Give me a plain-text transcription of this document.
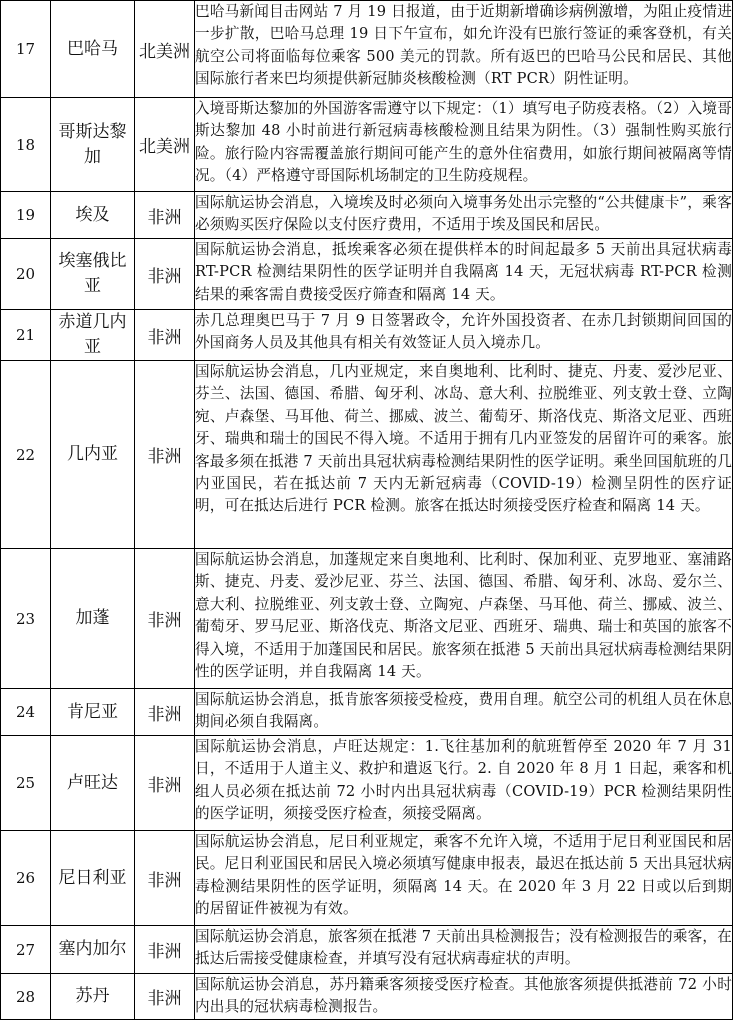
17	巴哈马	北美洲	巴哈马新闻目击网站 7 月 19 日报道，由于近期新增确诊病例激增，为阻止疫情进一步扩散，巴哈马总理 19 日下午宣布，如允许没有巴旅行签证的乘客登机，有关航空公司将面临每位乘客 500 美元的罚款。所有返巴的巴哈马公民和居民、其他国际旅行者来巴均须提供新冠肺炎核酸检测（RT PCR）阴性证明。
18	哥斯达黎加	北美洲	入境哥斯达黎加的外国游客需遵守以下规定：（1）填写电子防疫表格。（2）入境哥斯达黎加 48 小时前进行新冠病毒核酸检测且结果为阴性。（3）强制性购买旅行险。旅行险内容需覆盖旅行期间可能产生的意外住宿费用，如旅行期间被隔离等情况。（4）严格遵守哥国际机场制定的卫生防疫规程。
19	埃及	非洲	国际航运协会消息，入境埃及时必须向入境事务处出示完整的“公共健康卡”，乘客必须购买医疗保险以支付医疗费用，不适用于埃及国民和居民。
20	埃塞俄比亚	非洲	国际航运协会消息，抵埃乘客必须在提供样本的时间起最多 5 天前出具冠状病毒 RT-PCR 检测结果阴性的医学证明并自我隔离 14 天，无冠状病毒 RT-PCR 检测结果的乘客需自费接受医疗筛查和隔离 14 天。
21	赤道几内亚	非洲	赤几总理奥巴马于 7 月 9 日签署政令，允许外国投资者、在赤几封锁期间回国的外国商务人员及其他具有相关有效签证人员入境赤几。
22	几内亚	非洲	国际航运协会消息，几内亚规定，来自奥地利、比利时、捷克、丹麦、爱沙尼亚、芬兰、法国、德国、希腊、匈牙利、冰岛、意大利、拉脱维亚、列支敦士登、立陶宛、卢森堡、马耳他、荷兰、挪威、波兰、葡萄牙、斯洛伐克、斯洛文尼亚、西班牙、瑞典和瑞士的国民不得入境。不适用于拥有几内亚签发的居留许可的乘客。旅客最多须在抵港 7 天前出具冠状病毒检测结果阴性的医学证明。乘坐回国航班的几内亚国民，若在抵达前 7 天内无新冠病毒（COVID-19）检测呈阴性的医疗证明，可在抵达后进行 PCR 检测。旅客在抵达时须接受医疗检查和隔离 14 天。
23	加蓬	非洲	国际航运协会消息，加蓬规定来自奥地利、比利时、保加利亚、克罗地亚、塞浦路斯、捷克、丹麦、爱沙尼亚、芬兰、法国、德国、希腊、匈牙利、冰岛、爱尔兰、意大利、拉脱维亚、列支敦士登、立陶宛、卢森堡、马耳他、荷兰、挪威、波兰、葡萄牙、罗马尼亚、斯洛伐克、斯洛文尼亚、西班牙、瑞典、瑞士和英国的旅客不得入境，不适用于加蓬国民和居民。旅客须在抵港 5 天前出具冠状病毒检测结果阴性的医学证明，并自我隔离 14 天。
24	肯尼亚	非洲	国际航运协会消息，抵肯旅客须接受检疫，费用自理。航空公司的机组人员在休息期间必须自我隔离。
25	卢旺达	非洲	国际航运协会消息，卢旺达规定：1.飞往基加利的航班暂停至 2020 年 7 月 31 日，不适用于人道主义、救护和遣返飞行。2. 自 2020 年 8 月 1 日起，乘客和机组人员必须在抵达前 72 小时内出具冠状病毒（COVID-19）PCR 检测结果阴性的医学证明，须接受医疗检查，须接受隔离。
26	尼日利亚	非洲	国际航运协会消息，尼日利亚规定，乘客不允许入境，不适用于尼日利亚国民和居民。尼日利亚国民和居民入境必须填写健康申报表，最迟在抵达前 5 天出具冠状病毒检测结果阴性的医学证明，须隔离 14 天。在 2020 年 3 月 22 日或以后到期的居留证件被视为有效。
27	塞内加尔	非洲	国际航运协会消息，旅客须在抵港 7 天前出具检测报告；没有检测报告的乘客，在抵达后需接受健康检查，并填写没有冠状病毒症状的声明。
28	苏丹	非洲	国际航运协会消息，苏丹籍乘客须接受医疗检查。其他旅客须提供抵港前 72 小时内出具的冠状病毒检测报告。
